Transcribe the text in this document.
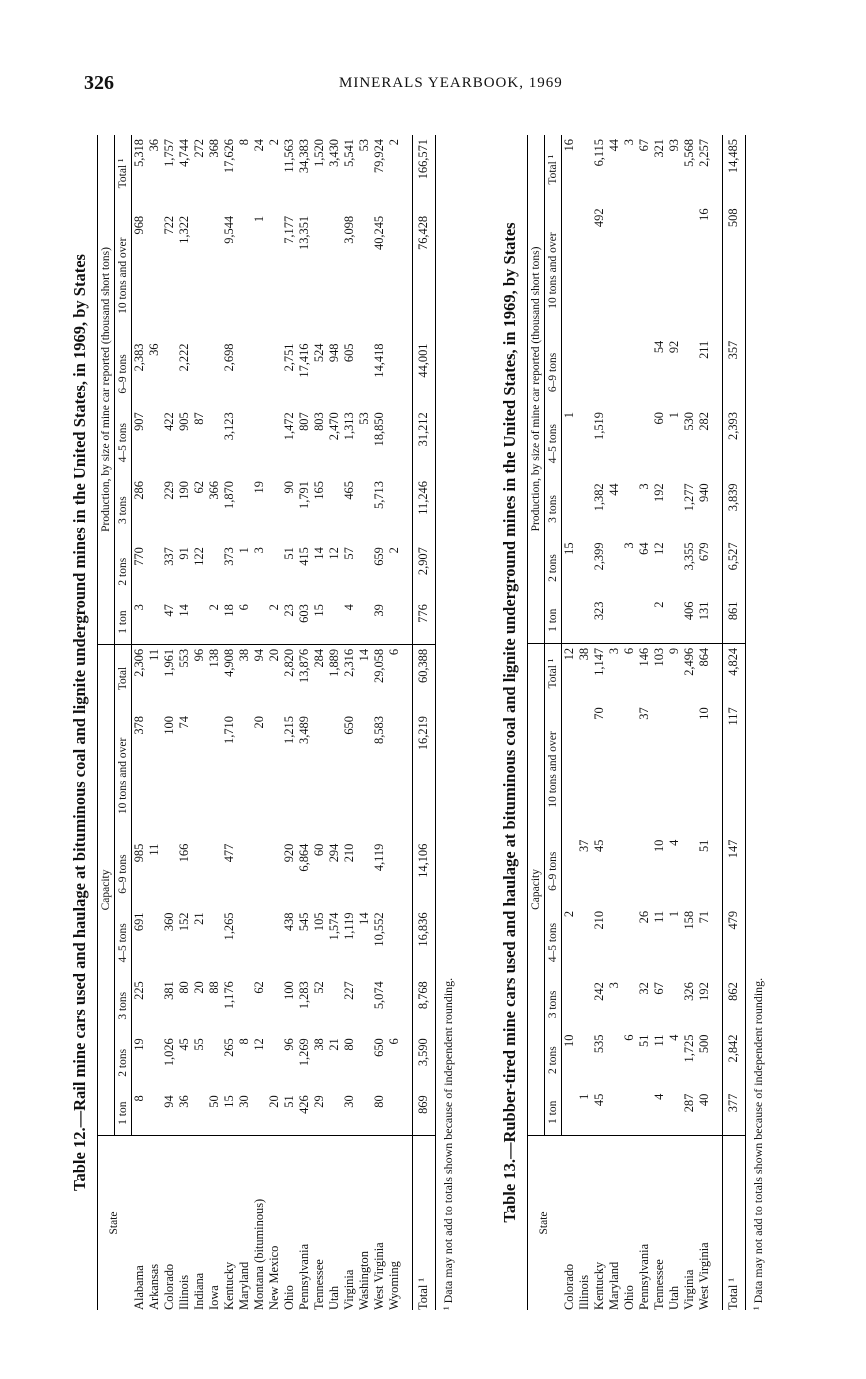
326	MINERALS YEARBOOK, 1969
Table 12.—Rail mine cars used and haulage at bituminous coal and lignite underground mines in the United States, in 1969, by States
State	Capacity							Production, by size of mine car reported (thousand short tons)						
	1 ton	2 tons	3 tons	4–5 tons	6–9 tons	10 tons and over	Total	1 ton	2 tons	3 tons	4–5 tons	6–9 tons	10 tons and over	Total ¹
Alabama	8	19	225	691	985	378	2,306	3	770	286	907	2,383	968	5,318
Arkansas					11		11					36		36
Colorado	94	1,026	381	360		100	1,961	47	337	229	422		722	1,757
Illinois	36	45	80	152	166	74	553	14	91	190	905	2,222	1,322	4,744
Indiana		55	20	21			96		122	62	87			272
Iowa	50		88				138	2		366				368
Kentucky	15	265	1,176	1,265	477	1,710	4,908	18	373	1,870	3,123	2,698	9,544	17,626
Maryland	30	8					38	6	1					8
Montana (bituminous)		12	62			20	94		3	19			1	24
New Mexico	20						20	2						2
Ohio	51	96	100	438	920	1,215	2,820	23	51	90	1,472	2,751	7,177	11,563
Pennsylvania	426	1,269	1,283	545	6,864	3,489	13,876	603	415	1,791	807	17,416	13,351	34,383
Tennessee	29	38	52	105	60		284	15	14	165	803	524		1,520
Utah		21		1,574	294		1,889		12		2,470	948		3,430
Virginia	30	80	227	1,119	210	650	2,316	4	57	465	1,313	605	3,098	5,541
Washington				14			14				53			53
West Virginia	80	650	5,074	10,552	4,119	8,583	29,058	39	659	5,713	18,850	14,418	40,245	79,924
Wyoming		6					6		2					2

Total ¹	869	3,590	8,768	16,836	14,106	16,219	60,388	776	2,907	11,246	31,212	44,001	76,428	166,571
¹ Data may not add to totals shown because of independent rounding.	Table 13.—Rubber-tired mine cars used and haulage at bituminous coal and lignite underground mines in the United States, in 1969, by States
State	Capacity							Production, by size of mine car reported (thousand short tons)						
	1 ton	2 tons	3 tons	4–5 tons	6–9 tons	10 tons and over	Total ¹	1 ton	2 tons	3 tons	4–5 tons	6–9 tons	10 tons and over	Total ¹
Colorado		10		2			12		15		1			16
Illinois	1				37		38							
Kentucky	45	535	242	210	45	70	1,147	323	2,399	1,382	1,519		492	6,115
Maryland			3				3			44				44
Ohio		6					6		3					3
Pennsylvania		51	32	26		37	146		64	3				67
Tennessee	4	11	67	11	10		103	2	12	192	60	54		321
Utah		4		1	4		9				1	92		93
Virginia	287	1,725	326	158			2,496	406	3,355	1,277	530			5,568
West Virginia	40	500	192	71	51	10	864	131	679	940	282	211	16	2,257

Total ¹	377	2,842	862	479	147	117	4,824	861	6,527	3,839	2,393	357	508	14,485
¹ Data may not add to totals shown because of independent rounding.
